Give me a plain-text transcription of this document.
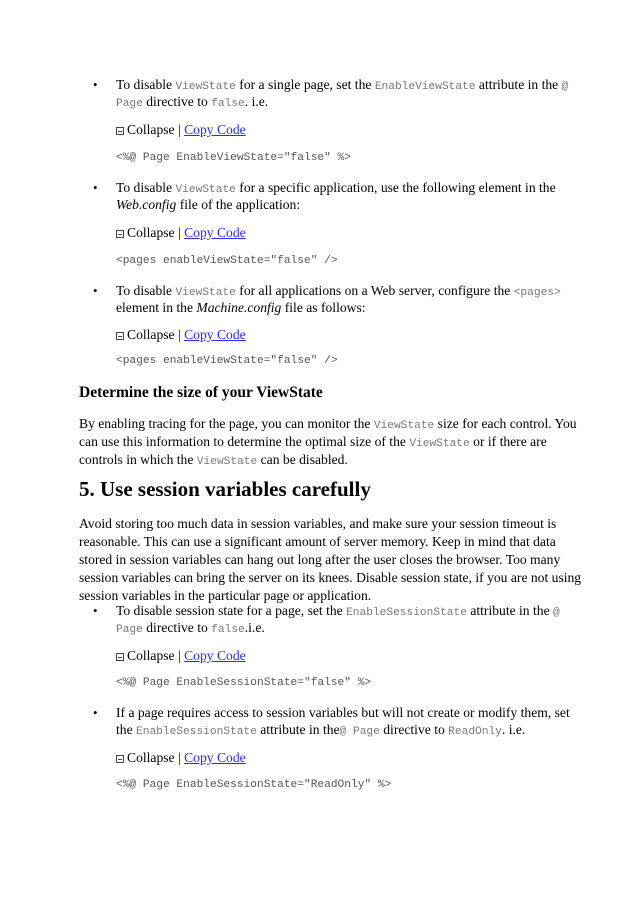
• To disable ViewState for a single page, set the EnableViewState attribute in the @
Page directive to false. i.e.
Collapse | Copy Code
<%@ Page EnableViewState="false" %>
• To disable ViewState for a specific application, use the following element in the
Web.config file of the application:
Collapse | Copy Code
<pages enableViewState="false" />
• To disable ViewState for all applications on a Web server, configure the <pages>
element in the Machine.config file as follows:
Collapse | Copy Code
<pages enableViewState="false" />
Determine the size of your ViewState
By enabling tracing for the page, you can monitor the ViewState size for each control. You
can use this information to determine the optimal size of the ViewState or if there are
controls in which the ViewState can be disabled.
5. Use session variables carefully
Avoid storing too much data in session variables, and make sure your session timeout is
reasonable. This can use a significant amount of server memory. Keep in mind that data
stored in session variables can hang out long after the user closes the browser. Too many
session variables can bring the server on its knees. Disable session state, if you are not using
session variables in the particular page or application.
• To disable session state for a page, set the EnableSessionState attribute in the @
Page directive to false.i.e.
Collapse | Copy Code
<%@ Page EnableSessionState="false" %>
• If a page requires access to session variables but will not create or modify them, set
the EnableSessionState attribute in the@ Page directive to ReadOnly. i.e.
Collapse | Copy Code
<%@ Page EnableSessionState="ReadOnly" %>
